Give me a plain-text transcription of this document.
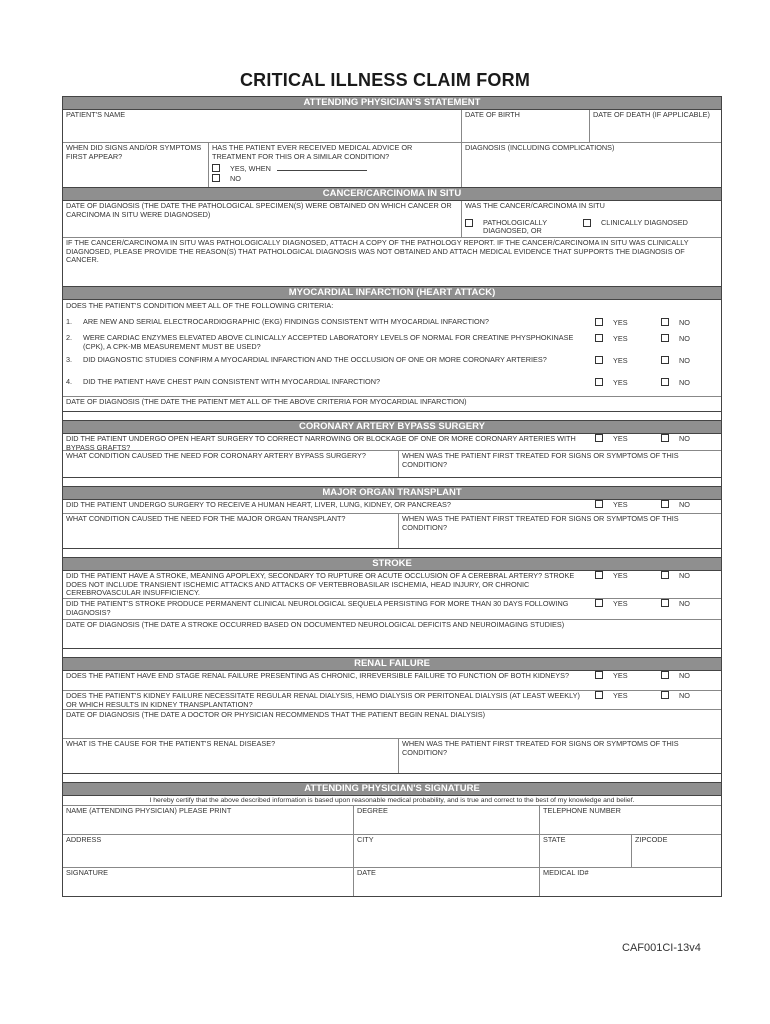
CRITICAL ILLNESS CLAIM FORM
ATTENDING PHYSICIAN'S STATEMENT
PATIENT'S NAME	DATE OF BIRTH	DATE OF DEATH (IF APPLICABLE)
WHEN DID SIGNS AND/OR SYMPTOMS FIRST APPEAR?
HAS THE PATIENT EVER RECEIVED MEDICAL ADVICE OR TREATMENT FOR THIS OR A SIMILAR CONDITION?
YES, WHEN
NO
DIAGNOSIS (INCLUDING COMPLICATIONS)
CANCER/CARCINOMA IN SITU
DATE OF DIAGNOSIS (THE DATE THE PATHOLOGICAL SPECIMEN(S) WERE OBTAINED ON WHICH CANCER OR CARCINOMA IN SITU WERE DIAGNOSED)
WAS THE CANCER/CARCINOMA IN SITU
PATHOLOGICALLY DIAGNOSED, OR
CLINICALLY DIAGNOSED
IF THE CANCER/CARCINOMA IN SITU WAS PATHOLOGICALLY DIAGNOSED, ATTACH A COPY OF THE PATHOLOGY REPORT. IF THE CANCER/CARCINOMA IN SITU WAS CLINICALLY DIAGNOSED, PLEASE PROVIDE THE REASON(S) THAT PATHOLOGICAL DIAGNOSIS WAS NOT OBTAINED AND ATTACH MEDICAL EVIDENCE THAT SUPPORTS THE DIAGNOSIS OF CANCER.
MYOCARDIAL INFARCTION (HEART ATTACK)
DOES THE PATIENT'S CONDITION MEET ALL OF THE FOLLOWING CRITERIA:
1.	ARE NEW AND SERIAL ELECTROCARDIOGRAPHIC (EKG) FINDINGS CONSISTENT WITH MYOCARDIAL INFARCTION?	YES	NO
2.	WERE CARDIAC ENZYMES ELEVATED ABOVE CLINICALLY ACCEPTED LABORATORY LEVELS OF NORMAL FOR CREATINE PHYSPHOKINASE (CPK), A CPK-MB MEASUREMENT MUST BE USED?
YES	NO
3.	DID DIAGNOSTIC STUDIES CONFIRM A MYOCARDIAL INFARCTION AND THE OCCLUSION OF ONE OR MORE CORONARY ARTERIES?	YES	NO
4.	DID THE PATIENT HAVE CHEST PAIN CONSISTENT WITH MYOCARDIAL INFARCTION?	YES	NO
DATE OF DIAGNOSIS (THE DATE THE PATIENT MET ALL OF THE ABOVE CRITERIA FOR MYOCARDIAL INFARCTION)
CORONARY ARTERY BYPASS SURGERY
DID THE PATIENT UNDERGO OPEN HEART SURGERY TO CORRECT NARROWING OR BLOCKAGE OF ONE OR MORE CORONARY ARTERIES WITH BYPASS GRAFTS?
YES	NO
WHAT CONDITION CAUSED THE NEED FOR CORONARY ARTERY BYPASS SURGERY?	WHEN WAS THE PATIENT FIRST TREATED FOR SIGNS OR SYMPTOMS OF THIS CONDITION?
MAJOR ORGAN TRANSPLANT
DID THE PATIENT UNDERGO SURGERY TO RECEIVE A HUMAN HEART, LIVER, LUNG, KIDNEY, OR PANCREAS?	YES	NO
WHAT CONDITION CAUSED THE NEED FOR THE MAJOR ORGAN TRANSPLANT?	WHEN WAS THE PATIENT FIRST TREATED FOR SIGNS OR SYMPTOMS OF THIS CONDITION?
STROKE
DID THE PATIENT HAVE A STROKE, MEANING APOPLEXY, SECONDARY TO RUPTURE OR ACUTE OCCLUSION OF A CEREBRAL ARTERY? STROKE DOES NOT INCLUDE TRANSIENT ISCHEMIC ATTACKS AND ATTACKS OF VERTEBROBASILAR ISCHEMIA, HEAD INJURY, OR CHRONIC CEREBROVASCULAR INSUFFICIENCY.
YES	NO
DID THE PATIENT'S STROKE PRODUCE PERMANENT CLINICAL NEUROLOGICAL SEQUELA PERSISTING FOR MORE THAN 30 DAYS FOLLOWING DIAGNOSIS?
YES	NO
DATE OF DIAGNOSIS (THE DATE A STROKE OCCURRED BASED ON DOCUMENTED NEUROLOGICAL DEFICITS AND NEUROIMAGING STUDIES)
RENAL FAILURE
DOES THE PATIENT HAVE END STAGE RENAL FAILURE PRESENTING AS CHRONIC, IRREVERSIBLE FAILURE TO FUNCTION OF BOTH KIDNEYS?	YES	NO
DOES THE PATIENT'S KIDNEY FAILURE NECESSITATE REGULAR RENAL DIALYSIS, HEMO DIALYSIS OR PERITONEAL DIALYSIS (AT LEAST WEEKLY) OR WHICH RESULTS IN KIDNEY TRANSPLANTATION?
YES	NO
DATE OF DIAGNOSIS (THE DATE A DOCTOR OR PHYSICIAN RECOMMENDS THAT THE PATIENT BEGIN RENAL DIALYSIS)
WHAT IS THE CAUSE FOR THE PATIENT'S RENAL DISEASE?	WHEN WAS THE PATIENT FIRST TREATED FOR SIGNS OR SYMPTOMS OF THIS CONDITION?
ATTENDING PHYSICIAN'S SIGNATURE
I hereby certify that the above described information is based upon reasonable medical probability, and is true and correct to the best of my knowledge and belief.
NAME (ATTENDING PHYSICIAN) PLEASE PRINT	DEGREE	TELEPHONE NUMBER
ADDRESS	CITY	STATE	ZIPCODE
SIGNATURE	DATE	MEDICAL ID#
CAF001CI-13v4
